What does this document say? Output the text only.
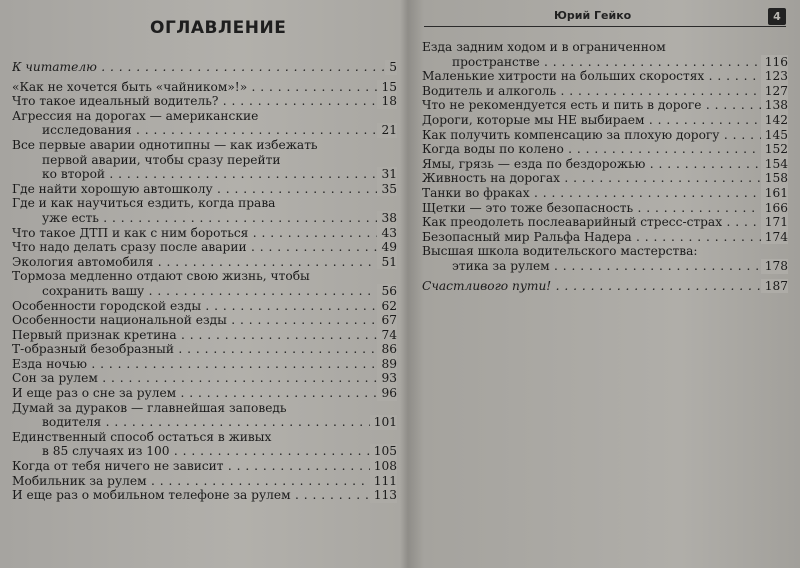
ОГЛАВЛЕНИЕ
К читателю . . .	5
«Как не хочется быть «чайником»!» . . .	15
Что такое идеальный водитель? . . .	18
Агрессия на дорогах — американские
исследования . . .	21
Все первые аварии однотипны — как избежать
первой аварии, чтобы сразу перейти
ко второй . . .	31
Где найти хорошую автошколу . . .	35
Где и как научиться ездить, когда права
уже есть . . .	38
Что такое ДТП и как с ним бороться . . .	43
Что надо делать сразу после аварии . . .	49
Экология автомобиля . . .	51
Тормоза медленно отдают свою жизнь, чтобы
сохранить вашу . . .	56
Особенности городской езды . . .	62
Особенности национальной езды . . .	67
Первый признак кретина . . .	74
Т-образный безобразный . . .	86
Езда ночью . . .	89
Сон за рулем . . .	93
И еще раз о сне за рулем . . .	96
Думай за дураков — главнейшая заповедь
водителя . . .	101
Единственный способ остаться в живых
в 85 случаях из 100 . . .	105
Когда от тебя ничего не зависит . . .	108
Мобильник за рулем . . .	111
И еще раз о мобильном телефоне за рулем . . .	113
Юрий Гейко	4
Езда задним ходом и в ограниченном
пространстве . . .	116
Маленькие хитрости на больших скоростях . . .	123
Водитель и алкоголь . . .	127
Что не рекомендуется есть и пить в дороге . . .	138
Дороги, которые мы НЕ выбираем . . .	142
Как получить компенсацию за плохую дорогу . . .	145
Когда воды по колено . . .	152
Ямы, грязь — езда по бездорожью . . .	154
Живность на дорогах . . .	158
Танки во фраках . . .	161
Щетки — это тоже безопасность . . .	166
Как преодолеть послеаварийный стресс-страх . . .	171
Безопасный мир Ральфа Надера . . .	174
Высшая школа водительского мастерства:
этика за рулем . . .	178
Счастливого пути! . . .	187
